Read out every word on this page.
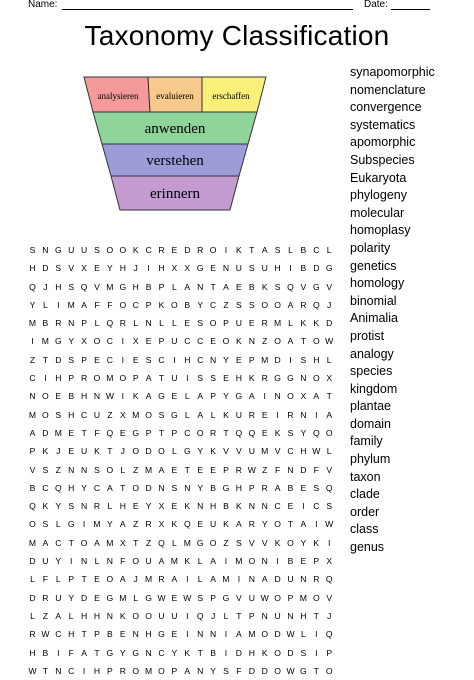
Name:	Date:
Taxonomy Classification
analysieren evaluieren erschaffen
anwenden
verstehen
erinnern
synapomorphic
nomenclature
convergence
systematics
apomorphic
Subspecies
Eukaryota
phylogeny
molecular
homoplasy
polarity
genetics
homology
binomial
Animalia
protist
analogy
species
kingdom
plantae
domain
family
phylum
taxon
clade
order
class
genus
S N G U U S O O K C R E D R O I	K T A S L B C L
H D S V X E Y H J	I	H X X G E N U S U H I	B D G
Q J H S Q V M G H B P L A N T A E B K S Q V G V
Y L	I M A F F O C P K O B Y C Z S S O O A R Q J
M B R N P L Q R L N L L E S O P U E R M L K K D
I M G Y X O C I	X E P U C C E O K N Z O A T O W
Z T D S P E C I	E S C I	H C N Y E P M D I	S H L
C I	H P R O M O P A T U I	S S E H K R G G N O X
N O E B H N W I	K A G E L A P Y G A	I	N O X A T
M O S H C U Z X M O S G L A L K U R E	I	R N I	A
A D M E T F Q E G P T P C O R T Q Q E K S Y Q O
P K J E U K T J O D O L G Y K V V U M V C H W L
V S Z N N S O L Z M A E T E E P R W Z F N D F V
B C Q H Y C A T O D N S N Y B G H P R A B E S Q
Q K Y S N R L H E Y X E K N H B K N N C E	I	C S
O S L G I M Y A Z R X K Q E U K A R Y O T A	I W
M A C T O A M X T Z Q L M G O Z S V V K O Y K	I
D U Y	I	N L N F O U A M K L A	I M O N I	B E P X
L F L P T E O A J M R A	I	L A M I	N A D U N R Q
D R U Y D E G M L G W E W S P G V U W O P M O V
L Z A L H H N K O O U U I Q J L T P N U N H T J
R W C H T P B E N H G E	I N N I	A M O D W L	I Q
H B	I	F A T G Y G N C Y K T B	I D H K O D S	I	P
W T N C I	H P R O M O P A N Y S F D D O W G T O
